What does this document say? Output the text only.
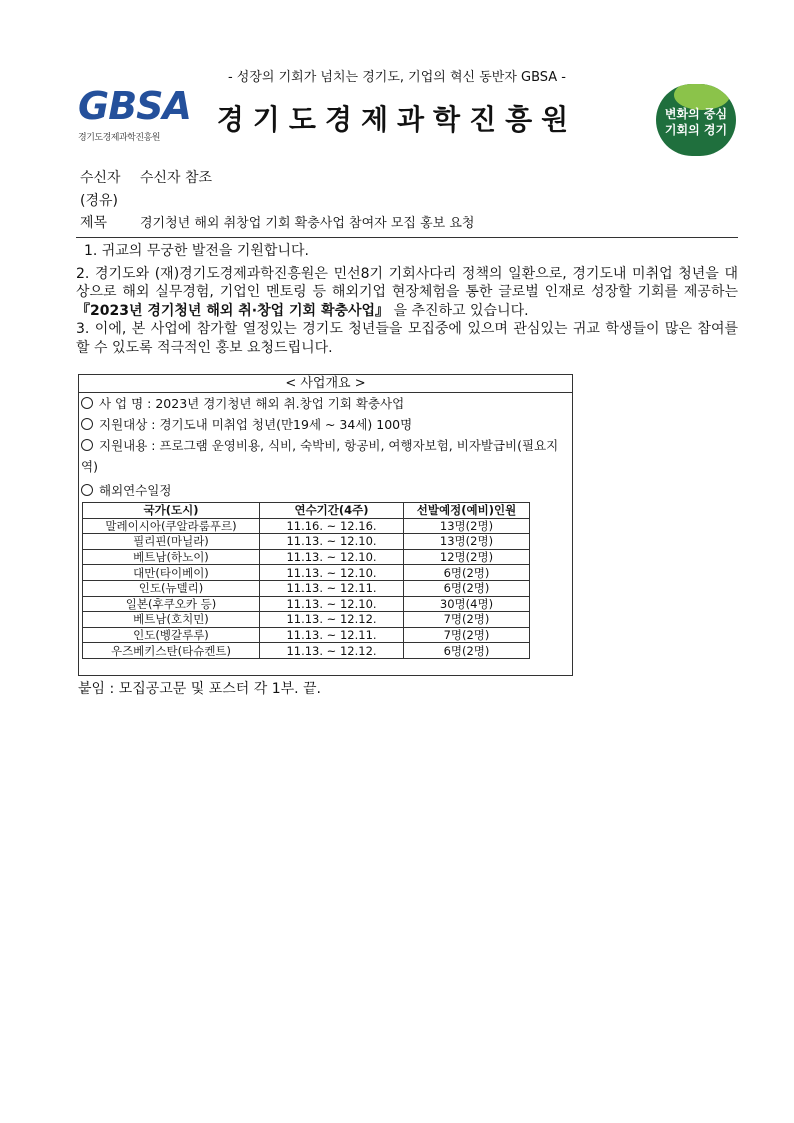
- 성장의 기회가 넘치는 경기도, 기업의 혁신 동반자 GBSA -
GBSA
경기도경제과학진흥원
경기도경제과학진흥원	변화의 중심
기회의 경기
수신자 수신자 참조
(경유)
제목	경기청년 해외 취창업 기회 확충사업 참여자 모집 홍보 요청

1. 귀교의 무궁한 발전을 기원합니다.

2. 경기도와 (재)경기도경제과학진흥원은 민선8기 기회사다리 정책의 일환으로, 경기도내 미취업 청년을 대상으로 해외 실무경험, 기업인 멘토링 등 해외기업 현장체험을 통한 글로벌 인재로 성장할 기회를 제공하는 『2023년 경기청년 해외 취·창업 기회 확충사업』 을 추진하고 있습니다.

3. 이에, 본 사업에 참가할 열정있는 경기도 청년들을 모집중에 있으며 관심있는 귀교 학생들이 많은 참여를 할 수 있도록 적극적인 홍보 요청드립니다.

< 사업개요 >
사 업 명 : 2023년 경기청년 해외 취.창업 기회 확충사업
지원대상 : 경기도내 미취업 청년(만19세 ~ 34세) 100명
지원내용 : 프로그램 운영비용, 식비, 숙박비, 항공비, 여행자보험, 비자발급비(필요지역)
해외연수일정
국가(도시)	연수기간(4주)	선발예정(예비)인원
말레이시아(쿠알라룸푸르)	11.16. ~ 12.16.	13명(2명)
필리핀(마닐라)	11.13. ~ 12.10.	13명(2명)
베트남(하노이)	11.13. ~ 12.10.	12명(2명)
대만(타이베이)	11.13. ~ 12.10.	6명(2명)
인도(뉴델리)	11.13. ~ 12.11.	6명(2명)
일본(후쿠오카 등)	11.13. ~ 12.10.	30명(4명)
베트남(호치민)	11.13. ~ 12.12.	7명(2명)
인도(벵갈루루)	11.13. ~ 12.11.	7명(2명)
우즈베키스탄(타슈켄트)	11.13. ~ 12.12.	6명(2명)
붙임 : 모집공고문 및 포스터 각 1부. 끝.
